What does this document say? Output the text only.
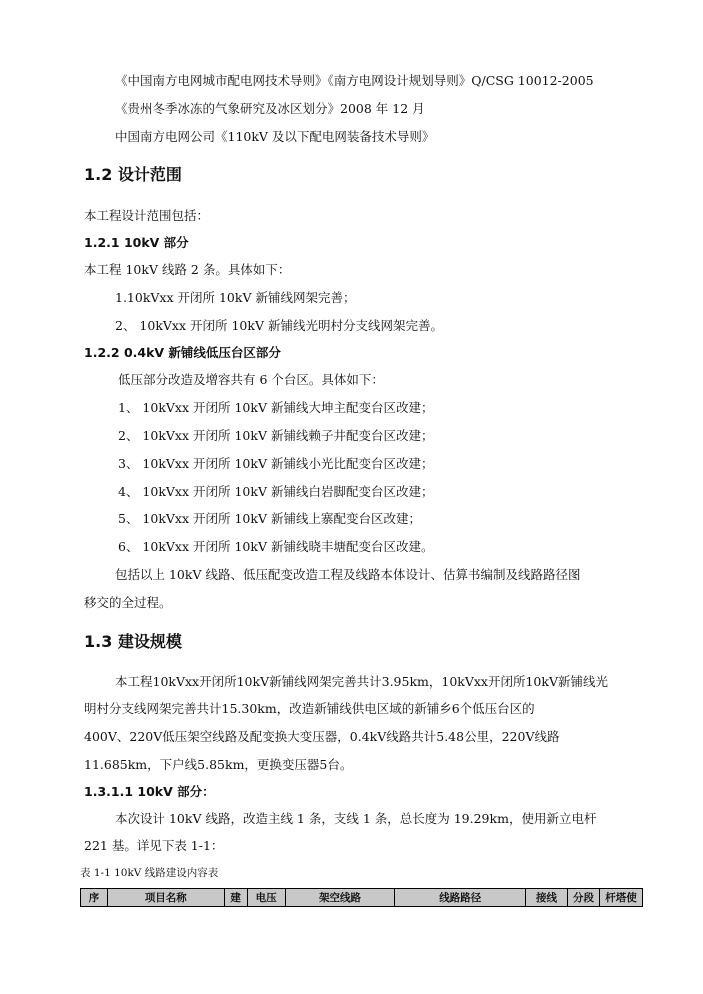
《中国南方电网城市配电网技术导则》《南方电网设计规划导则》Q/CSG 10012-2005
《贵州冬季冰冻的气象研究及冰区划分》2008 年 12 月
中国南方电网公司《110kV 及以下配电网装备技术导则》
1.2 设计范围
本工程设计范围包括：
1.2.1 10kV 部分
本工程 10kV 线路 2 条。具体如下：
1.10kVxx 开闭所 10kV 新铺线网架完善；
2、 10kVxx 开闭所 10kV 新铺线光明村分支线网架完善。
1.2.2 0.4kV 新铺线低压台区部分
低压部分改造及增容共有 6 个台区。具体如下：
1、 10kVxx 开闭所 10kV 新铺线大坤主配变台区改建；
2、 10kVxx 开闭所 10kV 新铺线赖子井配变台区改建；
3、 10kVxx 开闭所 10kV 新铺线小光比配变台区改建；
4、 10kVxx 开闭所 10kV 新铺线白岩脚配变台区改建；
5、 10kVxx 开闭所 10kV 新铺线上寨配变台区改建；
6、 10kVxx 开闭所 10kV 新铺线晓丰塘配变台区改建。
包括以上 10kV 线路、低压配变改造工程及线路本体设计、估算书编制及线路路径图
移交的全过程。
1.3 建设规模
本工程10kVxx开闭所10kV新铺线网架完善共计3.95km，10kVxx开闭所10kV新铺线光
明村分支线网架完善共计15.30km，改造新铺线供电区域的新铺乡6个低压台区的
400V、220V低压架空线路及配变换大变压器，0.4kV线路共计5.48公里，220V线路
11.685km，下户线5.85km，更换变压器5台。
1.3.1.1 10kV 部分：
本次设计 10kV 线路，改造主线 1 条，支线 1 条，总长度为 19.29km，使用新立电杆
221 基。详见下表 1-1：
表 1-1 10kV 线路建设内容表
序	项目名称	建	电压	架空线路	线路路径	接线	分段	杆塔使
